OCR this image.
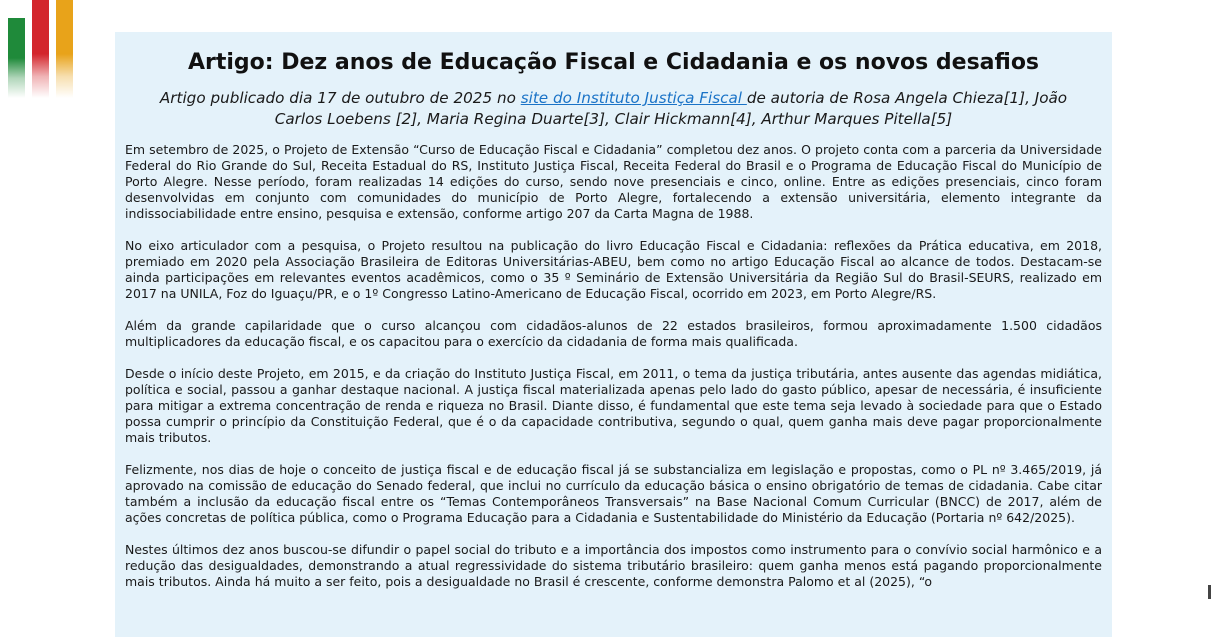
Artigo: Dez anos de Educação Fiscal e Cidadania e os novos desafios

Artigo publicado dia 17 de outubro de 2025 no site do Instituto Justiça Fiscal de autoria de Rosa Angela Chieza[1], João Carlos Loebens [2], Maria Regina Duarte[3], Clair Hickmann[4], Arthur Marques Pitella[5]

Em setembro de 2025, o Projeto de Extensão “Curso de Educação Fiscal e Cidadania” completou dez anos. O projeto conta com a parceria da Universidade Federal do Rio Grande do Sul, Receita Estadual do RS, Instituto Justiça Fiscal, Receita Federal do Brasil e o Programa de Educação Fiscal do Município de Porto Alegre. Nesse período, foram realizadas 14 edições do curso, sendo nove presenciais e cinco, online. Entre as edições presenciais, cinco foram desenvolvidas em conjunto com comunidades do município de Porto Alegre, fortalecendo a extensão universitária, elemento integrante da indissociabilidade entre ensino, pesquisa e extensão, conforme artigo 207 da Carta Magna de 1988.

No eixo articulador com a pesquisa, o Projeto resultou na publicação do livro Educação Fiscal e Cidadania: reflexões da Prática educativa, em 2018, premiado em 2020 pela Associação Brasileira de Editoras Universitárias-ABEU, bem como no artigo Educação Fiscal ao alcance de todos. Destacam-se ainda participações em relevantes eventos acadêmicos, como o 35 º Seminário de Extensão Universitária da Região Sul do Brasil-SEURS, realizado em 2017 na UNILA, Foz do Iguaçu/PR, e o 1º Congresso Latino-Americano de Educação Fiscal, ocorrido em 2023, em Porto Alegre/RS.

Além da grande capilaridade que o curso alcançou com cidadãos-alunos de 22 estados brasileiros, formou aproximadamente 1.500 cidadãos multiplicadores da educação fiscal, e os capacitou para o exercício da cidadania de forma mais qualificada.

Desde o início deste Projeto, em 2015, e da criação do Instituto Justiça Fiscal, em 2011, o tema da justiça tributária, antes ausente das agendas midiática, política e social, passou a ganhar destaque nacional. A justiça fiscal materializada apenas pelo lado do gasto público, apesar de necessária, é insuficiente para mitigar a extrema concentração de renda e riqueza no Brasil. Diante disso, é fundamental que este tema seja levado à sociedade para que o Estado possa cumprir o princípio da Constituição Federal, que é o da capacidade contributiva, segundo o qual, quem ganha mais deve pagar proporcionalmente mais tributos.

Felizmente, nos dias de hoje o conceito de justiça fiscal e de educação fiscal já se substancializa em legislação e propostas, como o PL nº 3.465/2019, já aprovado na comissão de educação do Senado federal, que inclui no currículo da educação básica o ensino obrigatório de temas de cidadania. Cabe citar também a inclusão da educação fiscal entre os “Temas Contemporâneos Transversais” na Base Nacional Comum Curricular (BNCC) de 2017, além de ações concretas de política pública, como o Programa Educação para a Cidadania e Sustentabilidade do Ministério da Educação (Portaria nº 642/2025).

Nestes últimos dez anos buscou-se difundir o papel social do tributo e a importância dos impostos como instrumento para o convívio social harmônico e a redução das desigualdades, demonstrando a atual regressividade do sistema tributário brasileiro: quem ganha menos está pagando proporcionalmente mais tributos. Ainda há muito a ser feito, pois a desigualdade no Brasil é crescente, conforme demonstra Palomo et al (2025), “o
